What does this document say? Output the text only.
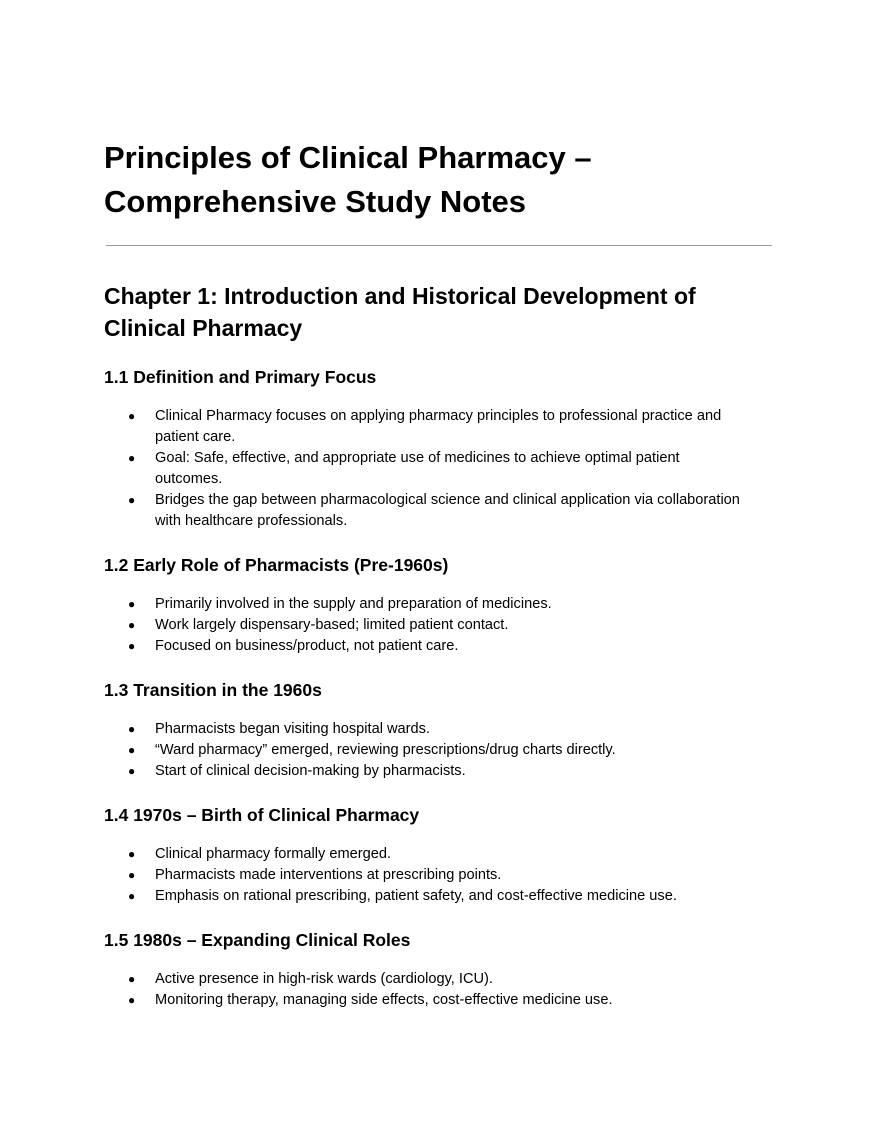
Principles of Clinical Pharmacy –
Comprehensive Study Notes
Chapter 1: Introduction and Historical Development of
Clinical Pharmacy
1.1 Definition and Primary Focus
● Clinical Pharmacy focuses on applying pharmacy principles to professional practice and patient care.
● Goal: Safe, effective, and appropriate use of medicines to achieve optimal patient outcomes.
● Bridges the gap between pharmacological science and clinical application via collaboration with healthcare professionals.
1.2 Early Role of Pharmacists (Pre-1960s)
● Primarily involved in the supply and preparation of medicines.
● Work largely dispensary-based; limited patient contact.
● Focused on business/product, not patient care.
1.3 Transition in the 1960s
● Pharmacists began visiting hospital wards.
● “Ward pharmacy” emerged, reviewing prescriptions/drug charts directly.
● Start of clinical decision-making by pharmacists.
1.4 1970s – Birth of Clinical Pharmacy
● Clinical pharmacy formally emerged.
● Pharmacists made interventions at prescribing points.
● Emphasis on rational prescribing, patient safety, and cost-effective medicine use.
1.5 1980s – Expanding Clinical Roles
● Active presence in high-risk wards (cardiology, ICU).
● Monitoring therapy, managing side effects, cost-effective medicine use.
